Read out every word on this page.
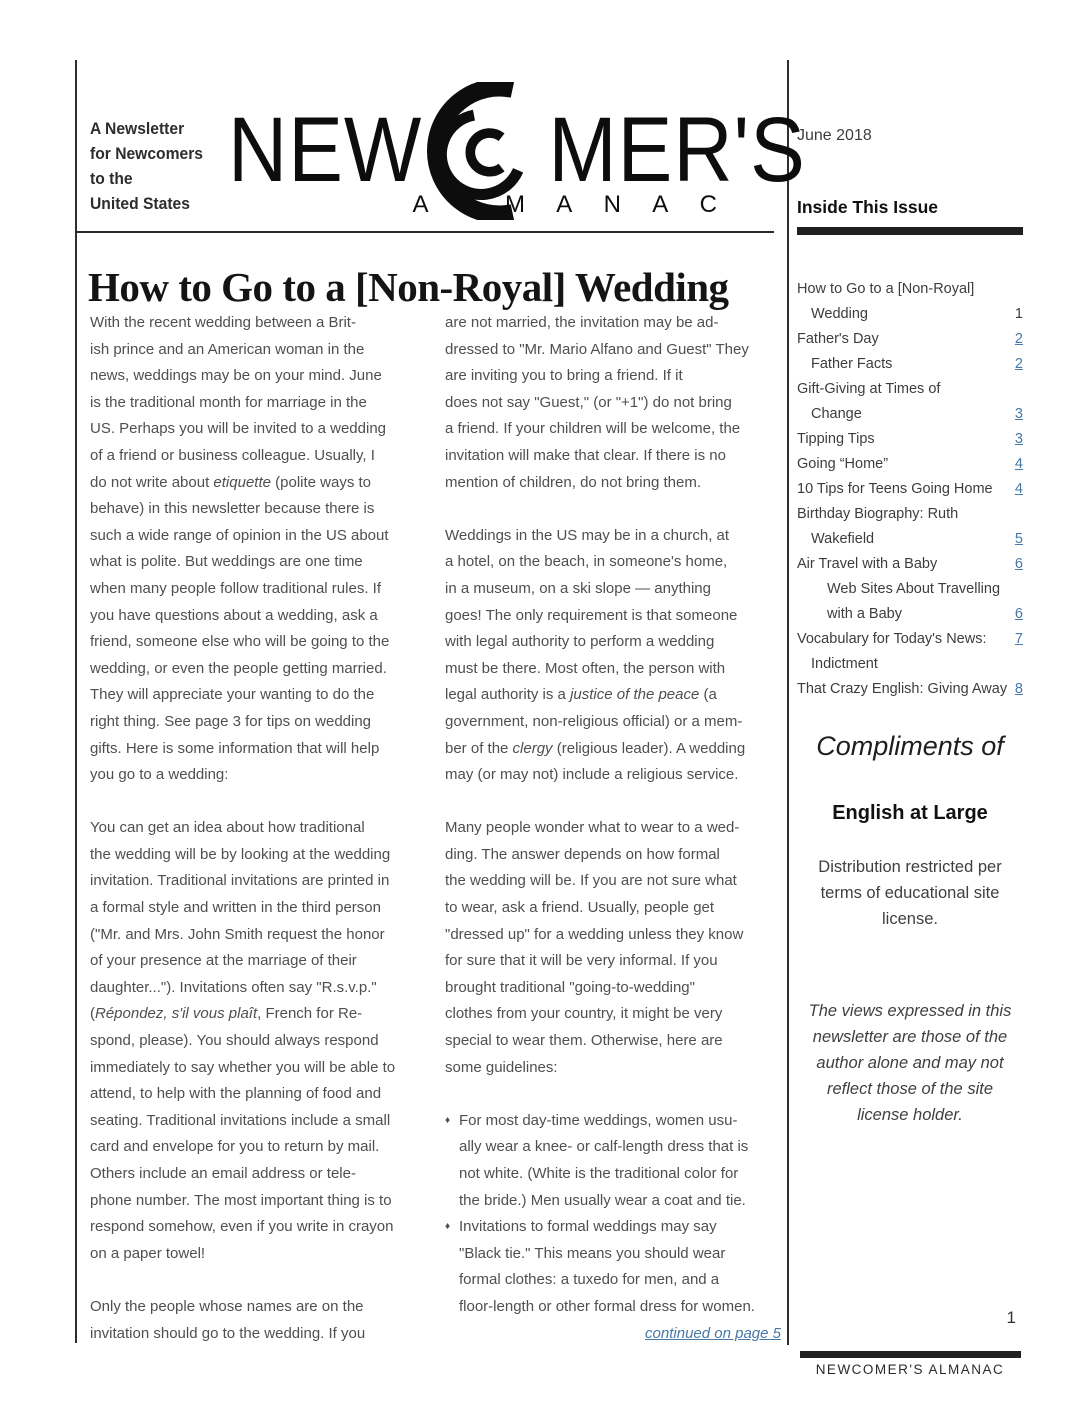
A Newsletter
for Newcomers
to the
United States
NEW MER'S
A L M A N A C
How to Go to a [Non-Royal] Wedding

With the recent wedding between a Brit-
ish prince and an American woman in the
news, weddings may be on your mind. June
is the traditional month for marriage in the
US. Perhaps you will be invited to a wedding
of a friend or business colleague. Usually, I
do not write about etiquette (polite ways to
behave) in this newsletter because there is
such a wide range of opinion in the US about
what is polite. But weddings are one time
when many people follow traditional rules. If
you have questions about a wedding, ask a
friend, someone else who will be going to the
wedding, or even the people getting married.
They will appreciate your wanting to do the
right thing. See page 3 for tips on wedding
gifts. Here is some information that will help
you go to a wedding:

You can get an idea about how traditional
the wedding will be by looking at the wedding
invitation. Traditional invitations are printed in
a formal style and written in the third person
("Mr. and Mrs. John Smith request the honor
of your presence at the marriage of their
daughter..."). Invitations often say "R.s.v.p."
(Répondez, s'il vous plaît, French for Re-
spond, please). You should always respond
immediately to say whether you will be able to
attend, to help with the planning of food and
seating. Traditional invitations include a small
card and envelope for you to return by mail.
Others include an email address or tele-
phone number. The most important thing is to
respond somehow, even if you write in crayon
on a paper towel!

Only the people whose names are on the
invitation should go to the wedding. If you

are not married, the invitation may be ad-
dressed to "Mr. Mario Alfano and Guest" They
are inviting you to bring a friend. If it
does not say "Guest," (or "+1") do not bring
a friend. If your children will be welcome, the
invitation will make that clear. If there is no
mention of children, do not bring them.

Weddings in the US may be in a church, at
a hotel, on the beach, in someone's home,
in a museum, on a ski slope — anything
goes! The only requirement is that someone
with legal authority to perform a wedding
must be there. Most often, the person with
legal authority is a justice of the peace (a
government, non-religious official) or a mem-
ber of the clergy (religious leader). A wedding
may (or may not) include a religious service.

Many people wonder what to wear to a wed-
ding. The answer depends on how formal
the wedding will be. If you are not sure what
to wear, ask a friend. Usually, people get
"dressed up" for a wedding unless they know
for sure that it will be very informal. If you
brought traditional "going-to-wedding"
clothes from your country, it might be very
special to wear them. Otherwise, here are
some guidelines:

♦ For most day-time weddings, women usu-
ally wear a knee- or calf-length dress that is
not white. (White is the traditional color for
the bride.) Men usually wear a coat and tie.
♦ Invitations to formal weddings may say
"Black tie." This means you should wear
formal clothes: a tuxedo for men, and a
floor-length or other formal dress for women.
continued on page 5
June 2018
Inside This Issue
How to Go to a [Non-Royal]
Wedding	1
Father's Day	2
Father Facts	2
Gift-Giving at Times of
Change	3
Tipping Tips	3
Going “Home”	4
10 Tips for Teens Going Home	4
Birthday Biography: Ruth
Wakefield	5
Air Travel with a Baby	6
Web Sites About Travelling
with a Baby	6
Vocabulary for Today's News:	7
Indictment
That Crazy English: Giving Away 8
Compliments of
English at Large
Distribution restricted per
terms of educational site
license.
The views expressed in this
newsletter are those of the
author alone and may not
reflect those of the site
license holder.
1
NEWCOMER'S ALMANAC
